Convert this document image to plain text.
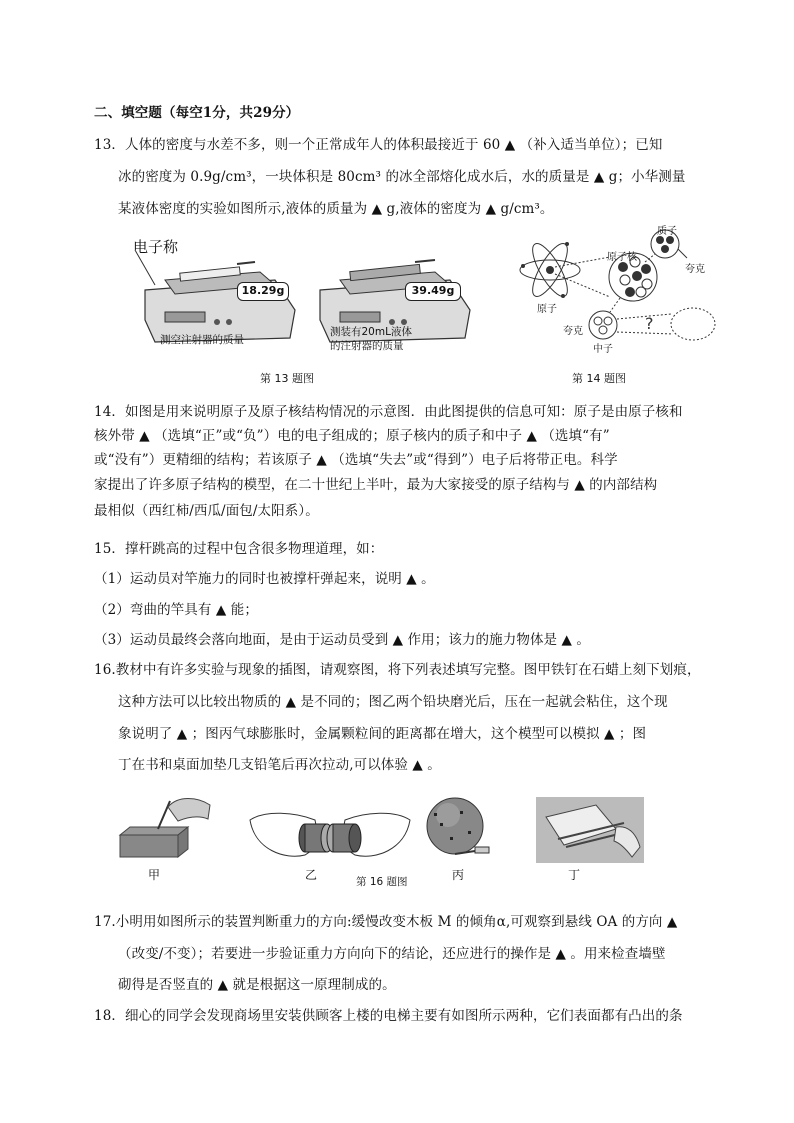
二、填空题（每空1分，共29分）
13．人体的密度与水差不多，则一个正常成年人的体积最接近于 60 ▲ （补入适当单位）；已知
冰的密度为 0.9g/cm³，一块体积是 80cm³ 的冰全部熔化成水后，水的质量是 ▲ g；小华测量
某液体密度的实验如图所示,液体的质量为 ▲ g,液体的密度为 ▲ g/cm³。
电子称
18.29g
测空注射器的质量
39.49g
测装有20mL液体
的注射器的质量
第 13 题图
?
质子
原子核
夸克
原子
夸克
中子
第 14 题图
14．如图是用来说明原子及原子核结构情况的示意图．由此图提供的信息可知：原子是由原子核和
核外带 ▲ （选填“正”或“负”）电的电子组成的；原子核内的质子和中子 ▲ （选填“有”
或“没有”）更精细的结构；若该原子 ▲ （选填“失去”或“得到”）电子后将带正电。科学
家提出了许多原子结构的模型，在二十世纪上半叶，最为大家接受的原子结构与 ▲ 的内部结构
最相似（西红柿/西瓜/面包/太阳系）。
15．撑杆跳高的过程中包含很多物理道理，如：
（1）运动员对竿施力的同时也被撑杆弹起来，说明 ▲ 。
（2）弯曲的竿具有 ▲ 能；
（3）运动员最终会落向地面，是由于运动员受到 ▲ 作用；该力的施力物体是 ▲ 。
16.教材中有许多实验与现象的插图，请观察图，将下列表述填写完整。图甲铁钉在石蜡上刻下划痕，
这种方法可以比较出物质的 ▲ 是不同的；图乙两个铅块磨光后，压在一起就会粘住，这个现
象说明了 ▲ ；图丙气球膨胀时，金属颗粒间的距离都在增大，这个模型可以模拟 ▲ ；图
丁在书和桌面加垫几支铅笔后再次拉动,可以体验 ▲ 。
甲	乙	第 16 题图	丙	丁
17.小明用如图所示的装置判断重力的方向:缓慢改变木板 M 的倾角α,可观察到悬线 OA 的方向 ▲
（改变/不变）；若要进一步验证重力方向向下的结论，还应进行的操作是 ▲ 。用来检查墙壁
砌得是否竖直的 ▲ 就是根据这一原理制成的。
18．细心的同学会发现商场里安装供顾客上楼的电梯主要有如图所示两种，它们表面都有凸出的条
